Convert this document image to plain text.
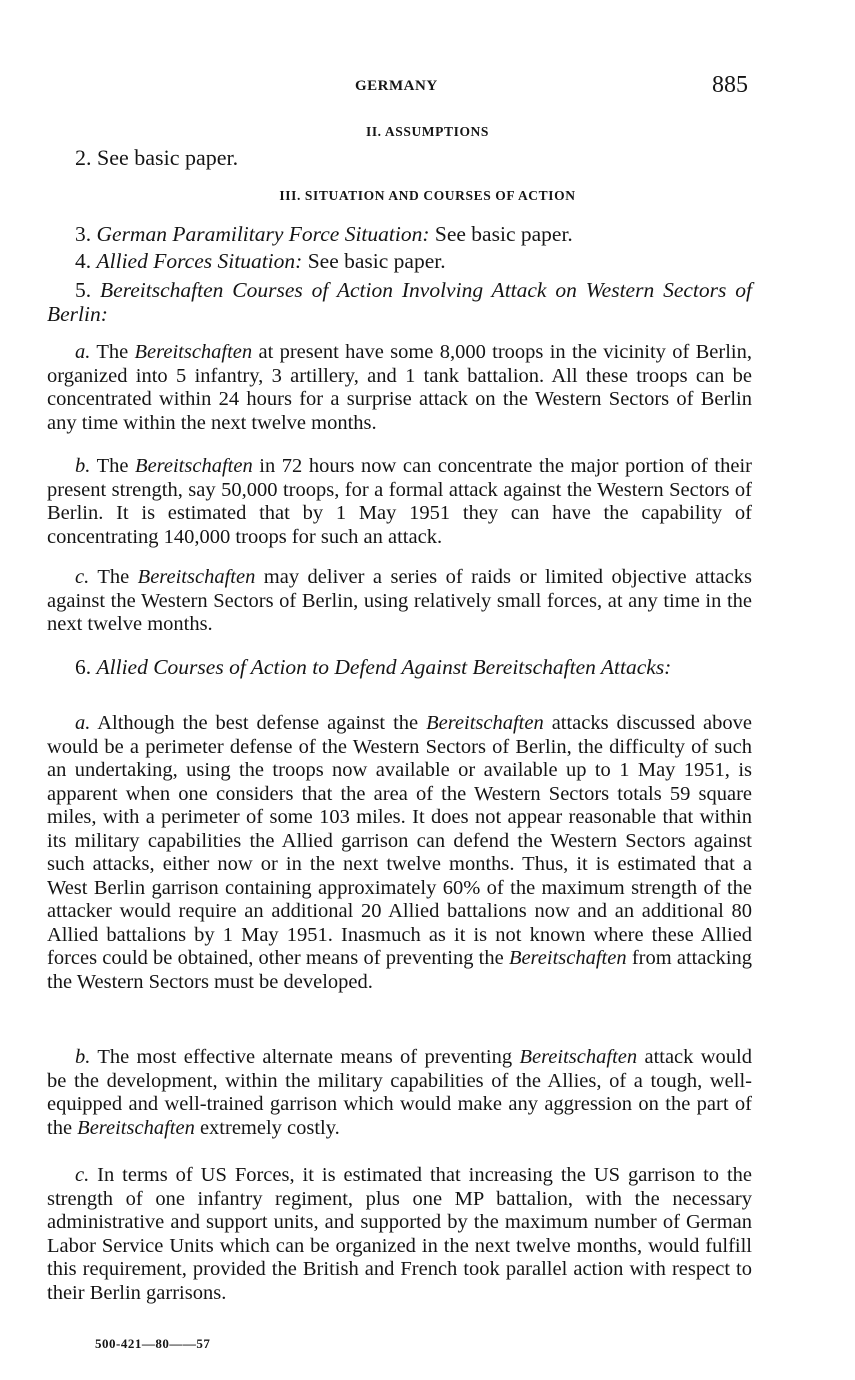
GERMANY	885
II. ASSUMPTIONS
2. See basic paper.
III. SITUATION AND COURSES OF ACTION
3. German Paramilitary Force Situation: See basic paper.
4. Allied Forces Situation: See basic paper.
5. Bereitschaften Courses of Action Involving Attack on Western Sectors of Berlin:
a. The Bereitschaften at present have some 8,000 troops in the vicinity of Berlin, organized into 5 infantry, 3 artillery, and 1 tank battalion. All these troops can be concentrated within 24 hours for a surprise attack on the Western Sectors of Berlin any time within the next twelve months.
b. The Bereitschaften in 72 hours now can concentrate the major portion of their present strength, say 50,000 troops, for a formal attack against the Western Sectors of Berlin. It is estimated that by 1 May 1951 they can have the capability of concentrating 140,000 troops for such an attack.
c. The Bereitschaften may deliver a series of raids or limited objective attacks against the Western Sectors of Berlin, using relatively small forces, at any time in the next twelve months.
6. Allied Courses of Action to Defend Against Bereitschaften Attacks:
a. Although the best defense against the Bereitschaften attacks discussed above would be a perimeter defense of the Western Sectors of Berlin, the difficulty of such an undertaking, using the troops now available or available up to 1 May 1951, is apparent when one considers that the area of the Western Sectors totals 59 square miles, with a perimeter of some 103 miles. It does not appear reasonable that within its military capabilities the Allied garrison can defend the Western Sectors against such attacks, either now or in the next twelve months. Thus, it is estimated that a West Berlin garrison containing approximately 60% of the maximum strength of the attacker would require an additional 20 Allied battalions now and an additional 80 Allied battalions by 1 May 1951. Inasmuch as it is not known where these Allied forces could be obtained, other means of preventing the Bereitschaften from attacking the Western Sectors must be developed.
b. The most effective alternate means of preventing Bereitschaften attack would be the development, within the military capabilities of the Allies, of a tough, well-equipped and well-trained garrison which would make any aggression on the part of the Bereitschaften extremely costly.
c. In terms of US Forces, it is estimated that increasing the US garrison to the strength of one infantry regiment, plus one MP battalion, with the necessary administrative and support units, and supported by the maximum number of German Labor Service Units which can be organized in the next twelve months, would fulfill this requirement, provided the British and French took parallel action with respect to their Berlin garrisons.
500-421—80——57
